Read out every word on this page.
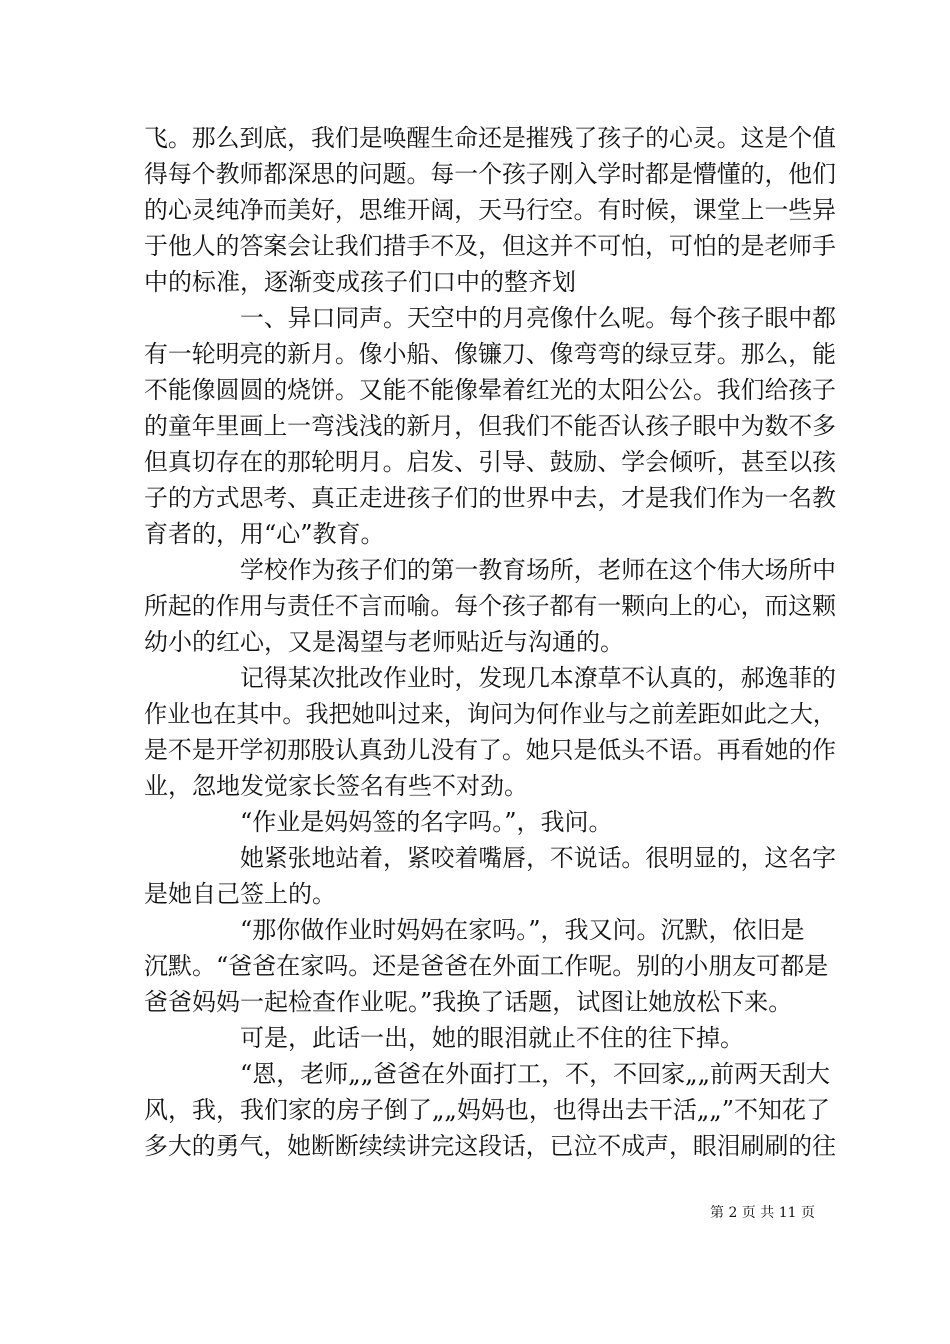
飞。那么到底，我们是唤醒生命还是摧残了孩子的心灵。这是个值
得每个教师都深思的问题。每一个孩子刚入学时都是懵懂的，他们
的心灵纯净而美好，思维开阔，天马行空。有时候，课堂上一些异
于他人的答案会让我们措手不及，但这并不可怕，可怕的是老师手
中的标准，逐渐变成孩子们口中的整齐划
一、异口同声。天空中的月亮像什么呢。每个孩子眼中都
有一轮明亮的新月。像小船、像镰刀、像弯弯的绿豆芽。那么，能
不能像圆圆的烧饼。又能不能像晕着红光的太阳公公。我们给孩子
的童年里画上一弯浅浅的新月，但我们不能否认孩子眼中为数不多
但真切存在的那轮明月。启发、引导、鼓励、学会倾听，甚至以孩
子的方式思考、真正走进孩子们的世界中去，才是我们作为一名教
育者的，用“心”教育。
学校作为孩子们的第一教育场所，老师在这个伟大场所中
所起的作用与责任不言而喻。每个孩子都有一颗向上的心，而这颗
幼小的红心，又是渴望与老师贴近与沟通的。
记得某次批改作业时，发现几本潦草不认真的，郝逸菲的
作业也在其中。我把她叫过来，询问为何作业与之前差距如此之大，
是不是开学初那股认真劲儿没有了。她只是低头不语。再看她的作
业，忽地发觉家长签名有些不对劲。
“作业是妈妈签的名字吗。”，我问。
她紧张地站着，紧咬着嘴唇，不说话。很明显的，这名字
是她自己签上的。
“那你做作业时妈妈在家吗。”，我又问。沉默，依旧是
沉默。“爸爸在家吗。还是爸爸在外面工作呢。别的小朋友可都是
爸爸妈妈一起检查作业呢。”我换了话题，试图让她放松下来。
可是，此话一出，她的眼泪就止不住的往下掉。
“恩，老师„„爸爸在外面打工，不，不回家„„前两天刮大
风，我，我们家的房子倒了„„妈妈也，也得出去干活„„”不知花了
多大的勇气，她断断续续讲完这段话，已泣不成声，眼泪刷刷的往
第 2 页 共 11 页
